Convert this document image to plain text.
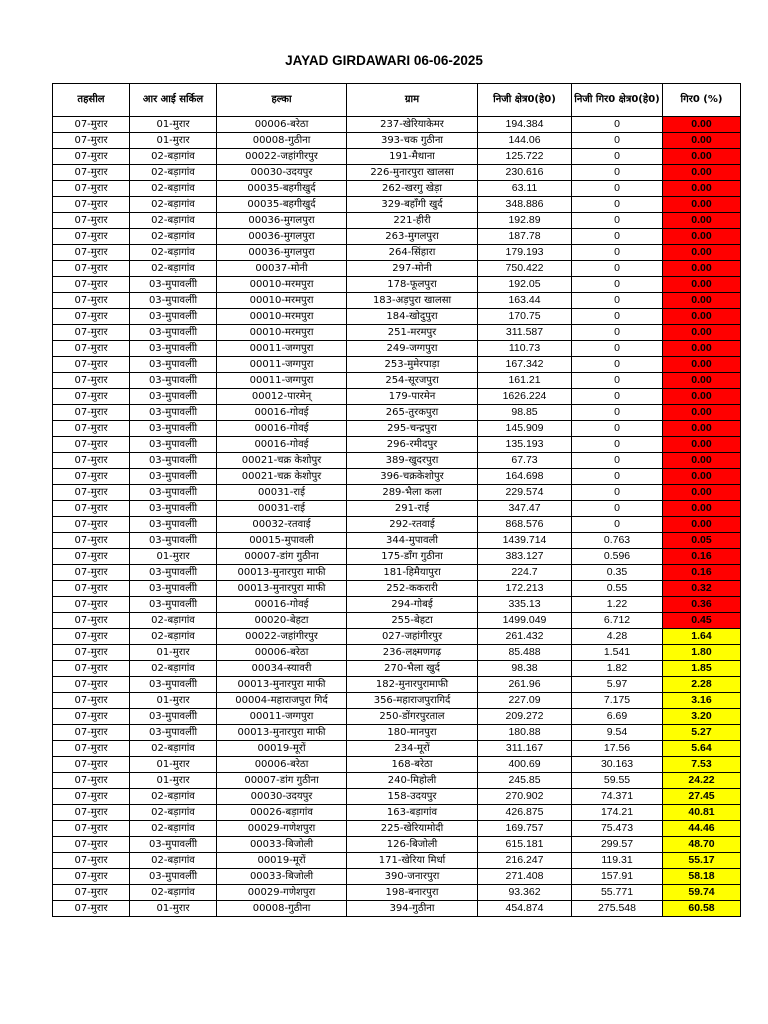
JAYAD GIRDAWARI 06-06-2025
तहसील	आर आई सर्किल	हल्का	ग्राम	निजी क्षेत्र0(हे0)	निजी गिर0 क्षेत्र0(हे0)	गिर0 (%)
07-मुरार	01-मुरार	00006-बरेठा	237-खेरियाकेमर	194.384	0	0.00
07-मुरार	01-मुरार	00008-गुठीना	393-चक गुठीना	144.06	0	0.00
07-मुरार	02-बड़ागांव	00022-जहांगीरपुर	191-मैथाना	125.722	0	0.00
07-मुरार	02-बड़ागांव	00030-उदयपुर	226-मुनारपुरा खालसा	230.616	0	0.00
07-मुरार	02-बड़ागांव	00035-बहगीखुर्द	262-खरगु खेड़ा	63.11	0	0.00
07-मुरार	02-बड़ागांव	00035-बहगीखुर्द	329-बहाँगी खुर्द	348.886	0	0.00
07-मुरार	02-बड़ागांव	00036-मुगलपुरा	221-हीरी	192.89	0	0.00
07-मुरार	02-बड़ागांव	00036-मुगलपुरा	263-मुगलपुरा	187.78	0	0.00
07-मुरार	02-बड़ागांव	00036-मुगलपुरा	264-सिंहारा	179.193	0	0.00
07-मुरार	02-बड़ागांव	00037-मोनी	297-मोनी	750.422	0	0.00
07-मुरार	03-मुपावलीी	00010-मरमपुरा	178-फूलपुरा	192.05	0	0.00
07-मुरार	03-मुपावलीी	00010-मरमपुरा	183-अड़पुरा खालसा	163.44	0	0.00
07-मुरार	03-मुपावलीी	00010-मरमपुरा	184-खोदुपुरा	170.75	0	0.00
07-मुरार	03-मुपावलीी	00010-मरमपुरा	251-मरमपुर	311.587	0	0.00
07-मुरार	03-मुपावलीी	00011-जग्गपुरा	249-जग्गपुरा	110.73	0	0.00
07-मुरार	03-मुपावलीी	00011-जग्गपुरा	253-मुमेरपाड़ा	167.342	0	0.00
07-मुरार	03-मुपावलीी	00011-जग्गपुरा	254-सूरजपुरा	161.21	0	0.00
07-मुरार	03-मुपावलीी	00012-पारमेन्	179-पारमेन	1626.224	0	0.00
07-मुरार	03-मुपावलीी	00016-गोवई	265-तुरकपुरा	98.85	0	0.00
07-मुरार	03-मुपावलीी	00016-गोवई	295-चन्द्रपुरा	145.909	0	0.00
07-मुरार	03-मुपावलीी	00016-गोवई	296-रमीदपुर	135.193	0	0.00
07-मुरार	03-मुपावलीी	00021-चक्र केशोपुर	389-खुदरपुरा	67.73	0	0.00
07-मुरार	03-मुपावलीी	00021-चक्र केशोपुर	396-चक्रकेशोपुर	164.698	0	0.00
07-मुरार	03-मुपावलीी	00031-राई	289-भैला कला	229.574	0	0.00
07-मुरार	03-मुपावलीी	00031-राई	291-राई	347.47	0	0.00
07-मुरार	03-मुपावलीी	00032-रतवाई	292-रतवाई	868.576	0	0.00
07-मुरार	03-मुपावलीी	00015-मुपावली	344-मुपावली	1439.714	0.763	0.05
07-मुरार	01-मुरार	00007-डांग गुठीना	175-डाँग गुठीना	383.127	0.596	0.16
07-मुरार	03-मुपावलीी	00013-मुनारपुरा माफी	181-हिमैयापुरा	224.7	0.35	0.16
07-मुरार	03-मुपावलीी	00013-मुनारपुरा माफी	252-ककरारी	172.213	0.55	0.32
07-मुरार	03-मुपावलीी	00016-गोवई	294-गोबई	335.13	1.22	0.36
07-मुरार	02-बड़ागांव	00020-बेहटा	255-बेहटा	1499.049	6.712	0.45
07-मुरार	02-बड़ागांव	00022-जहांगीरपुर	027-जहांगीरपुर	261.432	4.28	1.64
07-मुरार	01-मुरार	00006-बरेठा	236-लक्ष्मणगढ़	85.488	1.541	1.80
07-मुरार	02-बड़ागांव	00034-स्यावरी	270-भैला खुर्द	98.38	1.82	1.85
07-मुरार	03-मुपावलीी	00013-मुनारपुरा माफी	182-मुनारपुरामाफी	261.96	5.97	2.28
07-मुरार	01-मुरार	00004-महाराजपुरा गिर्द	356-महाराजपुरागिर्द	227.09	7.175	3.16
07-मुरार	03-मुपावलीी	00011-जग्गपुरा	250-डोंगरपुरताल	209.272	6.69	3.20
07-मुरार	03-मुपावलीी	00013-मुनारपुरा माफी	180-मानपुरा	180.88	9.54	5.27
07-मुरार	02-बड़ागांव	00019-मूरों	234-मूरों	311.167	17.56	5.64
07-मुरार	01-मुरार	00006-बरेठा	168-बरेठा	400.69	30.163	7.53
07-मुरार	01-मुरार	00007-डांग गुठीना	240-मिहोली	245.85	59.55	24.22
07-मुरार	02-बड़ागांव	00030-उदयपुर	158-उदयपुर	270.902	74.371	27.45
07-मुरार	02-बड़ागांव	00026-बड़ागांव	163-बड़ागांव	426.875	174.21	40.81
07-मुरार	02-बड़ागांव	00029-गणेशपुरा	225-खेरियामोदी	169.757	75.473	44.46
07-मुरार	03-मुपावलीी	00033-बिजोली	126-बिजोली	615.181	299.57	48.70
07-मुरार	02-बड़ागांव	00019-मूरों	171-खेरिया मिर्धा	216.247	119.31	55.17
07-मुरार	03-मुपावलीी	00033-बिजोली	390-जनारपुरा	271.408	157.91	58.18
07-मुरार	02-बड़ागांव	00029-गणेशपुरा	198-बनारपुरा	93.362	55.771	59.74
07-मुरार	01-मुरार	00008-गुठीना	394-गुठीना	454.874	275.548	60.58
